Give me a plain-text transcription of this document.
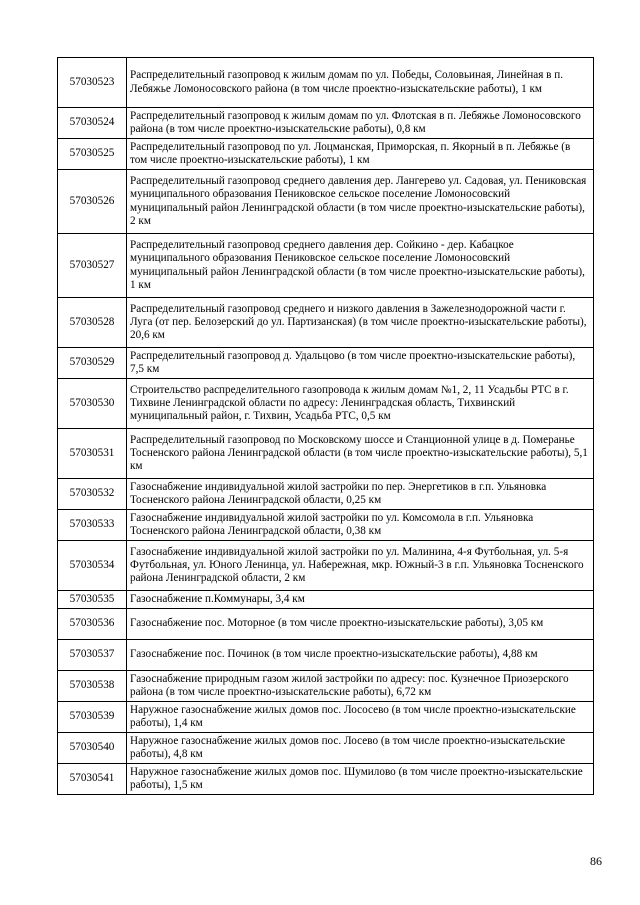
57030523	Распределительный газопровод к жилым домам по ул. Победы, Соловьиная, Линейная в п. Лебяжье Ломоносовского района (в том числе проектно-изыскательские работы), 1 км
57030524	Распределительный газопровод к жилым домам по ул. Флотская в п. Лебяжье Ломоносовского района (в том числе проектно-изыскательские работы), 0,8 км
57030525	Распределительный газопровод по ул. Лоцманская, Приморская, п. Якорный в п. Лебяжье (в том числе проектно-изыскательские работы), 1 км
57030526	Распределительный газопровод среднего давления дер. Лангерево ул. Садовая, ул. Пениковская муниципального образования Пениковское сельское поселение Ломоносовский муниципальный район Ленинградской области (в том числе проектно-изыскательские работы), 2 км
57030527	Распределительный газопровод среднего давления дер. Сойкино - дер. Кабацкое муниципального образования Пениковское сельское поселение Ломоносовский муниципальный район Ленинградской области (в том числе проектно-изыскательские работы), 1 км
57030528	Распределительный газопровод среднего и низкого давления в Зажелезнодорожной части г. Луга (от пер. Белозерский до ул. Партизанская) (в том числе проектно-изыскательские работы), 20,6 км
57030529	Распределительный газопровод д. Удальцово (в том числе проектно-изыскательские работы), 7,5 км
57030530	Строительство распределительного газопровода к жилым домам №1, 2, 11 Усадьбы РТС в г. Тихвине Ленинградской области по адресу: Ленинградская область, Тихвинский муниципальный район, г. Тихвин, Усадьба РТС, 0,5 км
57030531	Распределительный газопровод по Московскому шоссе и Станционной улице в д. Померанье Тосненского района Ленинградской области (в том числе проектно-изыскательские работы), 5,1 км
57030532	Газоснабжение индивидуальной жилой застройки по пер. Энергетиков в г.п. Ульяновка Тосненского района Ленинградской области, 0,25 км
57030533	Газоснабжение индивидуальной жилой застройки по ул. Комсомола в г.п. Ульяновка Тосненского района Ленинградской области, 0,38 км
57030534	Газоснабжение индивидуальной жилой застройки по ул. Малинина, 4-я Футбольная, ул. 5-я Футбольная, ул. Юного Ленинца, ул. Набережная, мкр. Южный-3 в г.п. Ульяновка Тосненского района Ленинградской области, 2 км
57030535	Газоснабжение п.Коммунары, 3,4 км
57030536	Газоснабжение пос. Моторное (в том числе проектно-изыскательские работы), 3,05 км
57030537	Газоснабжение пос. Починок (в том числе проектно-изыскательские работы), 4,88 км
57030538	Газоснабжение природным газом жилой застройки по адресу: пос. Кузнечное Приозерского района (в том числе проектно-изыскательские работы), 6,72 км
57030539	Наружное газоснабжение жилых домов пос. Лососево (в том числе проектно-изыскательские работы), 1,4 км
57030540	Наружное газоснабжение жилых домов пос. Лосево (в том числе проектно-изыскательские работы), 4,8 км
57030541	Наружное газоснабжение жилых домов пос. Шумилово (в том числе проектно-изыскательские работы), 1,5 км
86
